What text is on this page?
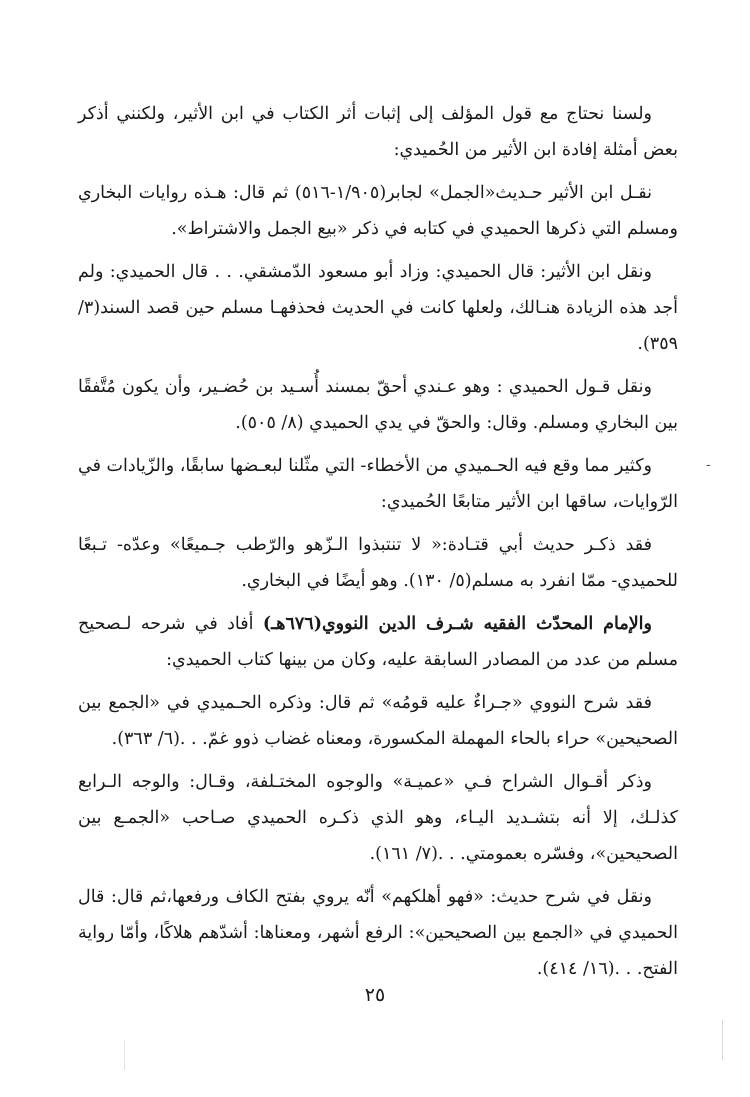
ولسنا نحتاج مع قول المؤلف إلى إثبات أثر الكتاب في ابن الأثير، ولكنني أذكر بعض أمثلة إفادة ابن الأثير من الحُميدي:

نقـل ابن الأثير حـديث«الجمل» لجابر(١/٩٠٥-٥١٦) ثم قال: هـذه روايات البخاري ومسلم التي ذكرها الحميدي في كتابه في ذكر «بيع الجمل والاشتراط».

ونقل ابن الأثير: قال الحميدي: وزاد أبو مسعود الدّمشقي. . . قال الحميدي: ولم أجد هذه الزيادة هنـالك، ولعلها كانت في الحديث فحذفهـا مسلم حين قصد السند(٣/ ٣٥٩).

ونقل قـول الحميدي : وهو عـندي أحقّ بمسند أُسـيد بن حُضـير، وأن يكون مُتَّفقًا بين البخاري ومسلم. وقال: والحقّ في يدي الحميدي (٨/ ٥٠٥).

وكثير مما وقع فيه الحـميدي من الأخطاء- التي مثّلنا لبعـضها سابقًا، والزّيادات في الرّوايات، ساقها ابن الأثير متابعًا الحُميدي:

فقد ذكـر حديث أبي قتـادة:« لا تنتبذوا الـزّهو والرّطب جـميعًا» وعدّه- تـبعًا للحميدي- ممّا انفرد به مسلم(٥/ ١٣٠). وهو أيضًا في البخاري.

والإمام المحدّث الفقيه شـرف الدين النووي(٦٧٦هـ) أفاد في شرحه لـصحيح مسلم من عدد من المصادر السابقة عليه، وكان من بينها كتاب الحميدي:

فقد شرح النووي «جـراءٌ عليه قومُه» ثم قال: وذكره الحـميدي في «الجمع بين الصحيحين» حراء بالحاء المهملة المكسورة، ومعناه غضاب ذوو غمّ. . .(٦/ ٣٦٣).

وذكر أقـوال الشراح فـي «عميـة» والوجوه المختـلفة، وقـال: والوجه الـرابع كذلـك، إلا أنه بتشـديد اليـاء، وهو الذي ذكـره الحميدي صـاحب «الجمـع بين الصحيحين»، وفسّره بعمومتي. . .(٧/ ١٦١).

ونقل في شرح حديث: «فهو أهلكهم» أنّه يروي بفتح الكاف ورفعها،ثم قال: قال الحميدي في «الجمع بين الصحيحين»: الرفع أشهر، ومعناها: أشدّهم هلاكًا، وأمّا رواية الفتح. . .(١٦/ ٤١٤).

-
٢٥
